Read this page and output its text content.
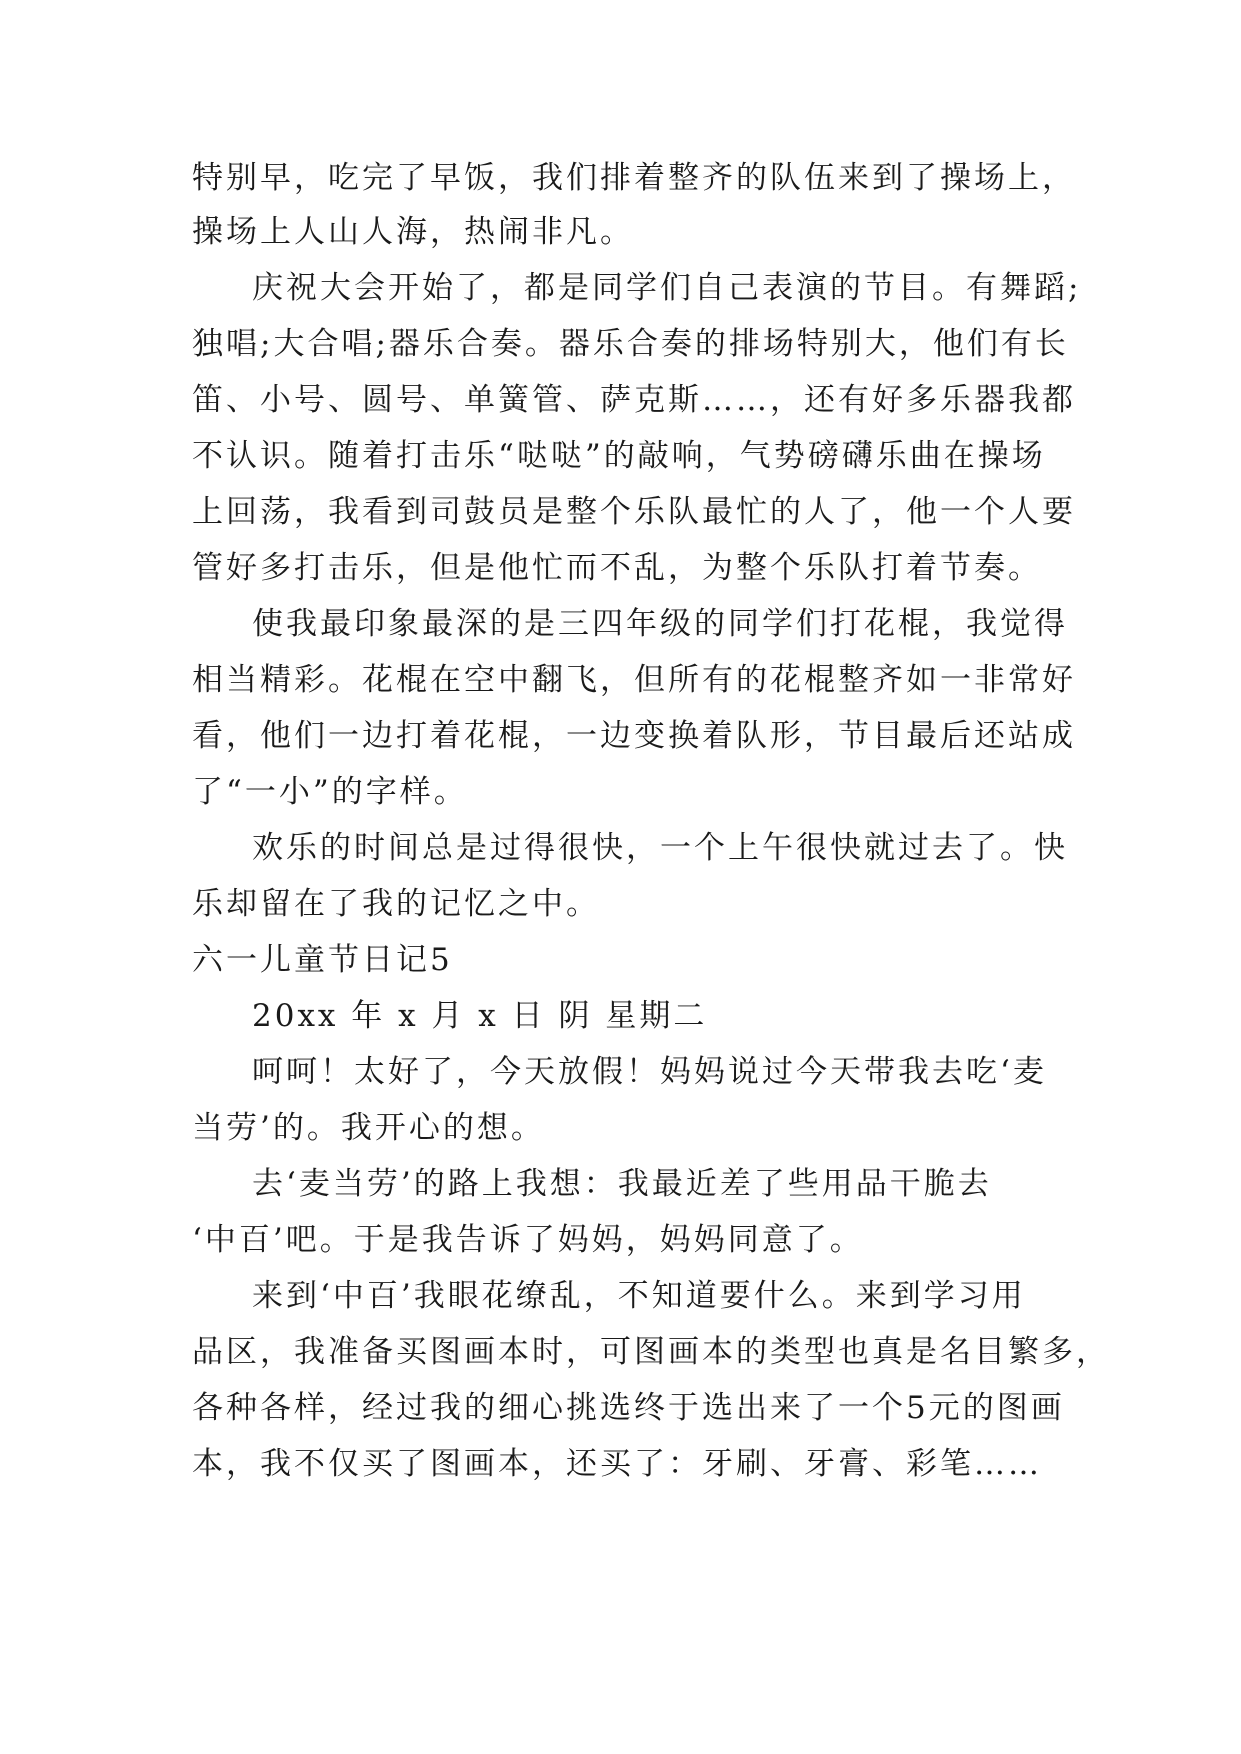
特别早，吃完了早饭，我们排着整齐的队伍来到了操场上，
操场上人山人海，热闹非凡。
庆祝大会开始了，都是同学们自己表演的节目。有舞蹈;
独唱;大合唱;器乐合奏。器乐合奏的排场特别大，他们有长
笛、小号、圆号、单簧管、萨克斯……，还有好多乐器我都
不认识。随着打击乐“哒哒”的敲响，气势磅礴乐曲在操场
上回荡，我看到司鼓员是整个乐队最忙的人了，他一个人要
管好多打击乐，但是他忙而不乱，为整个乐队打着节奏。
使我最印象最深的是三四年级的同学们打花棍，我觉得
相当精彩。花棍在空中翻飞，但所有的花棍整齐如一非常好
看，他们一边打着花棍，一边变换着队形，节目最后还站成
了“一小”的字样。
欢乐的时间总是过得很快，一个上午很快就过去了。快
乐却留在了我的记忆之中。
六一儿童节日记5
20xx 年 x 月 x 日 阴 星期二
呵呵！太好了，今天放假！妈妈说过今天带我去吃‘麦
当劳’的。我开心的想。
去‘麦当劳’的路上我想：我最近差了些用品干脆去
‘中百’吧。于是我告诉了妈妈，妈妈同意了。
来到‘中百’我眼花缭乱，不知道要什么。来到学习用
品区，我准备买图画本时，可图画本的类型也真是名目繁多，
各种各样，经过我的细心挑选终于选出来了一个5元的图画
本，我不仅买了图画本，还买了：牙刷、牙膏、彩笔……
